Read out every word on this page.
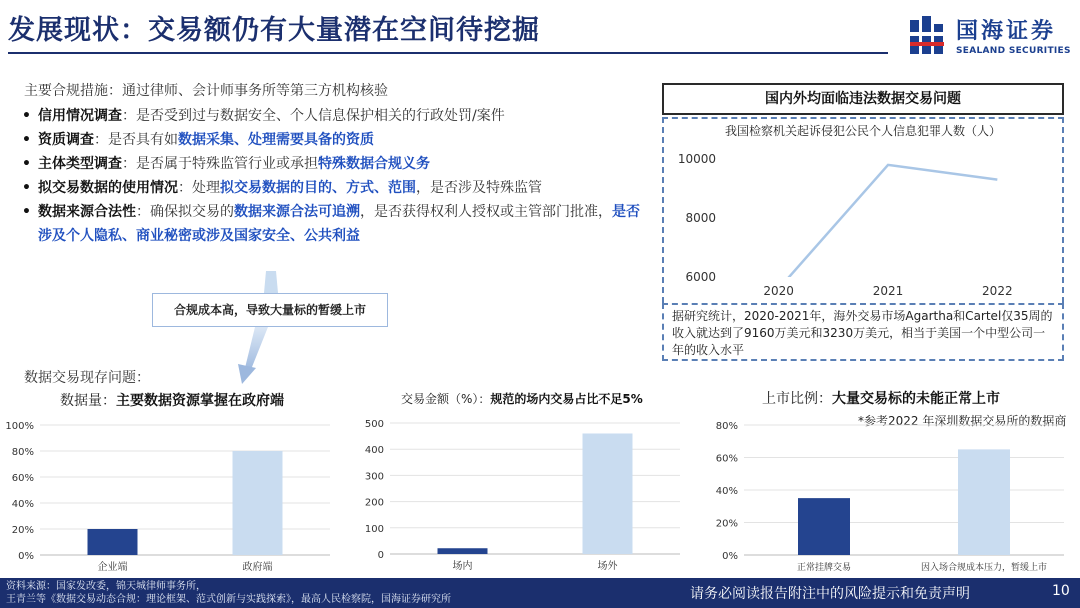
发展现状：交易额仍有大量潜在空间待挖掘	国海证券
SEALAND SECURITIES
主要合规措施：通过律师、会计师事务所等第三方机构核验
• 信用情况调查：是否受到过与数据安全、个人信息保护相关的行政处罚/案件
• 资质调查：是否具有如数据采集、处理需要具备的资质
• 主体类型调查：是否属于特殊监管行业或承担特殊数据合规义务
• 拟交易数据的使用情况：处理拟交易数据的目的、方式、范围，是否涉及特殊监管
• 数据来源合法性：确保拟交易的数据来源合法可追溯，是否获得权利人授权或主管部门批准，是否涉及个人隐私、商业秘密或涉及国家安全、公共利益
合规成本高，导致大量标的暂缓上市
国内外均面临违法数据交易问题
我国检察机关起诉侵犯公民个人信息犯罪人数（人）
6000
8000
10000
2020	2021	2022
据研究统计，2020-2021年，海外交易市场Agartha和Cartel仅35周的收入就达到了9160万美元和3230万美元，相当于美国一个中型公司一年的收入水平
数据交易现存问题：
数据量：主要数据资源掌握在政府端	交易金额（%）：规范的场内交易占比不足5%	上市比例：大量交易标的未能正常上市
*参考2022 年深圳数据交易所的数据商
0%
20%
40%
60%
80%
100%
企业端	政府端
0
100
200
300
400
500
场内	场外
0%
20%
40%
60%
80%
正常挂牌交易	因入场合规成本压力，暂缓上市
资料来源：国家发改委，锦天城律师事务所，
王青兰等《数据交易动态合规：理论框架、范式创新与实践探索》，最高人民检察院，国海证券研究所	请务必阅读报告附注中的风险提示和免责声明	10
